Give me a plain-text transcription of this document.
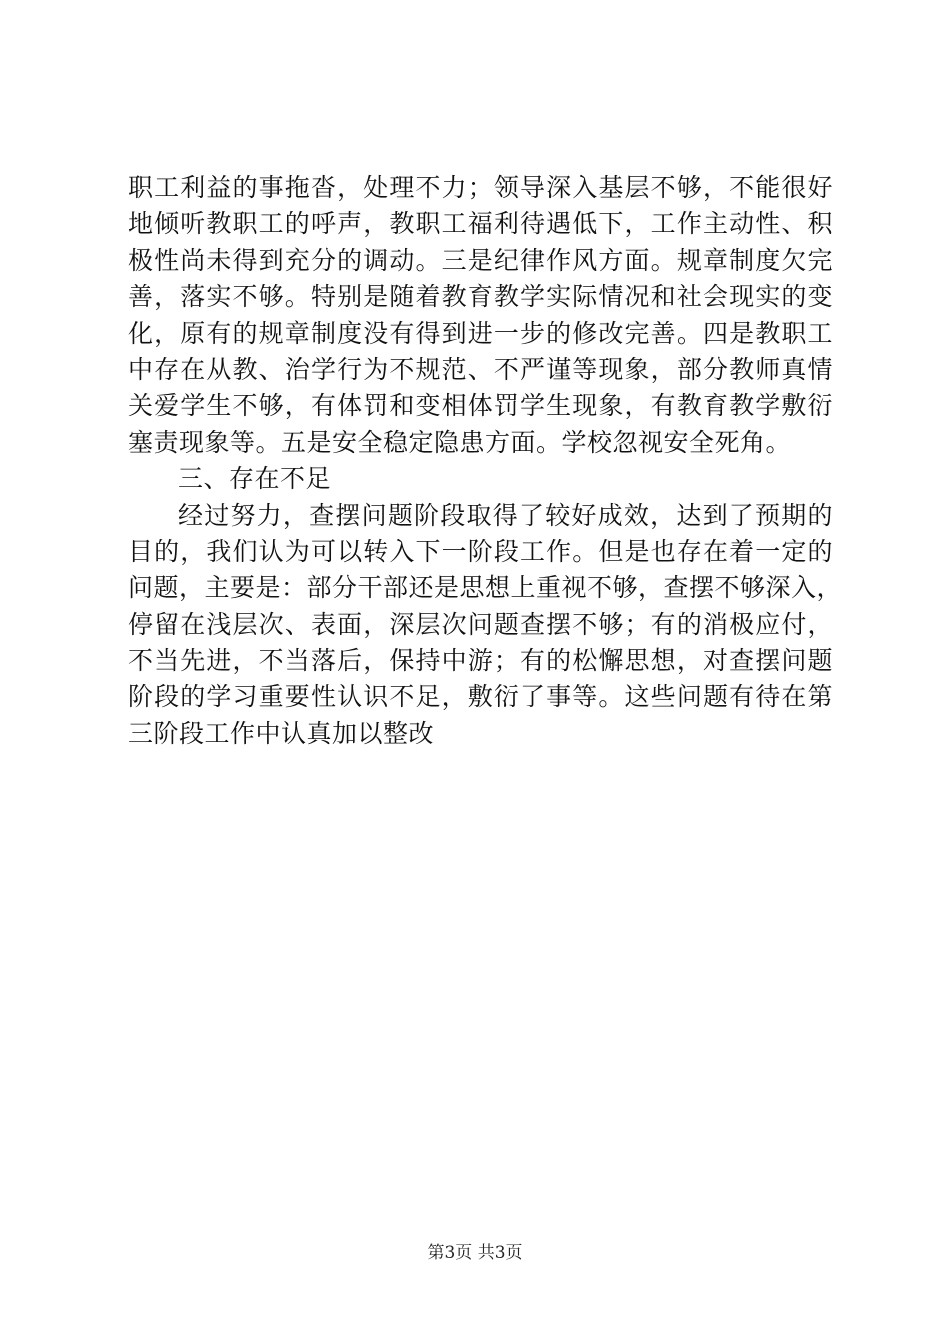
职工利益的事拖沓，处理不力；领导深入基层不够，不能很好
地倾听教职工的呼声，教职工福利待遇低下，工作主动性、积
极性尚未得到充分的调动。三是纪律作风方面。规章制度欠完
善，落实不够。特别是随着教育教学实际情况和社会现实的变
化，原有的规章制度没有得到进一步的修改完善。四是教职工
中存在从教、治学行为不规范、不严谨等现象，部分教师真情
关爱学生不够，有体罚和变相体罚学生现象，有教育教学敷衍
塞责现象等。五是安全稳定隐患方面。学校忽视安全死角。
三、存在不足
经过努力，查摆问题阶段取得了较好成效，达到了预期的
目的，我们认为可以转入下一阶段工作。但是也存在着一定的
问题，主要是：部分干部还是思想上重视不够，查摆不够深入，
停留在浅层次、表面，深层次问题查摆不够；有的消极应付，
不当先进，不当落后，保持中游；有的松懈思想，对查摆问题
阶段的学习重要性认识不足，敷衍了事等。这些问题有待在第
三阶段工作中认真加以整改
第3页 共3页
